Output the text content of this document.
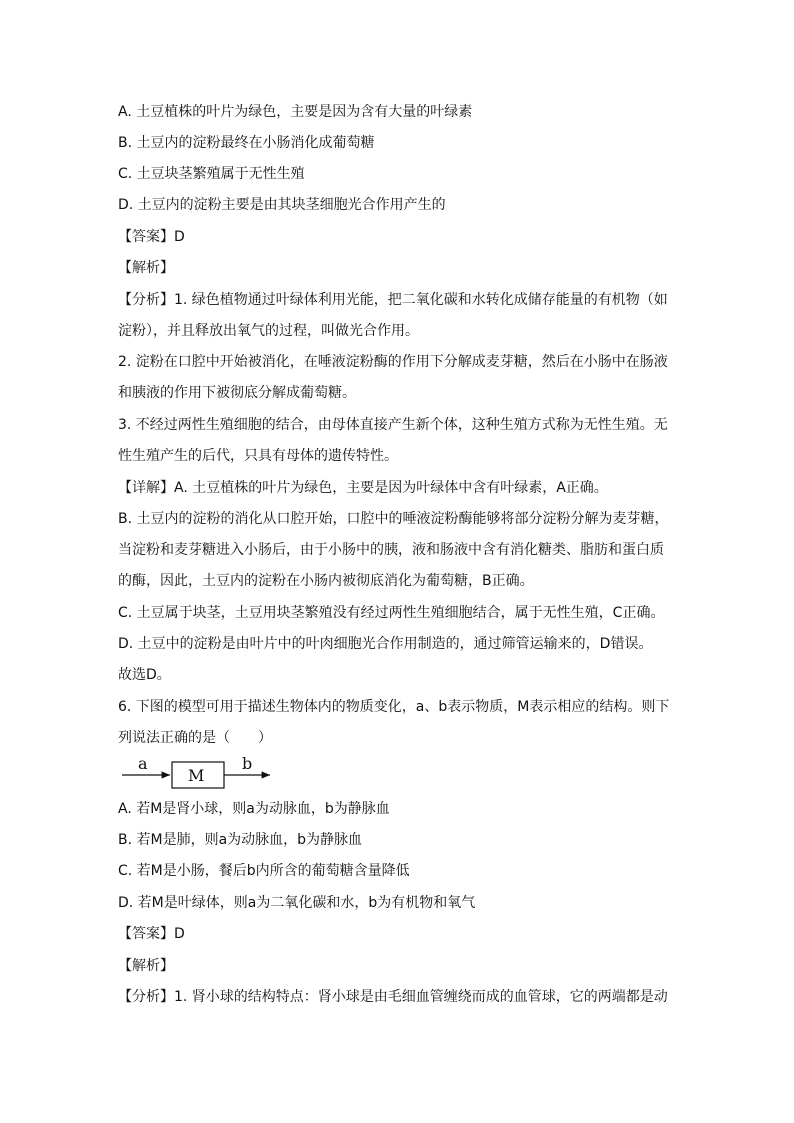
A. 土豆植株的叶片为绿色，主要是因为含有大量的叶绿素
B. 土豆内的淀粉最终在小肠消化成葡萄糖
C. 土豆块茎繁殖属于无性生殖
D. 土豆内的淀粉主要是由其块茎细胞光合作用产生的
【答案】D
【解析】
【分析】1. 绿色植物通过叶绿体利用光能，把二氧化碳和水转化成储存能量的有机物（如
淀粉），并且释放出氧气的过程，叫做光合作用。
2. 淀粉在口腔中开始被消化，在唾液淀粉酶的作用下分解成麦芽糖，然后在小肠中在肠液
和胰液的作用下被彻底分解成葡萄糖。
3. 不经过两性生殖细胞的结合，由母体直接产生新个体，这种生殖方式称为无性生殖。无
性生殖产生的后代，只具有母体的遗传特性。
【详解】A. 土豆植株的叶片为绿色，主要是因为叶绿体中含有叶绿素，A正确。
B. 土豆内的淀粉的消化从口腔开始，口腔中的唾液淀粉酶能够将部分淀粉分解为麦芽糖，
当淀粉和麦芽糖进入小肠后，由于小肠中的胰，液和肠液中含有消化糖类、脂肪和蛋白质
的酶，因此，土豆内的淀粉在小肠内被彻底消化为葡萄糖，B正确。
C. 土豆属于块茎，土豆用块茎繁殖没有经过两性生殖细胞结合，属于无性生殖，C正确。
D. 土豆中的淀粉是由叶片中的叶肉细胞光合作用制造的，通过筛管运输来的，D错误。
故选D。
6. 下图的模型可用于描述生物体内的物质变化，a、b表示物质，M表示相应的结构。则下
列说法正确的是（　　）
a
M
b
A. 若M是肾小球，则a为动脉血，b为静脉血
B. 若M是肺，则a为动脉血，b为静脉血
C. 若M是小肠，餐后b内所含的葡萄糖含量降低
D. 若M是叶绿体，则a为二氧化碳和水，b为有机物和氧气
【答案】D
【解析】
【分析】1. 肾小球的结构特点：肾小球是由毛细血管缠绕而成的血管球，它的两端都是动
